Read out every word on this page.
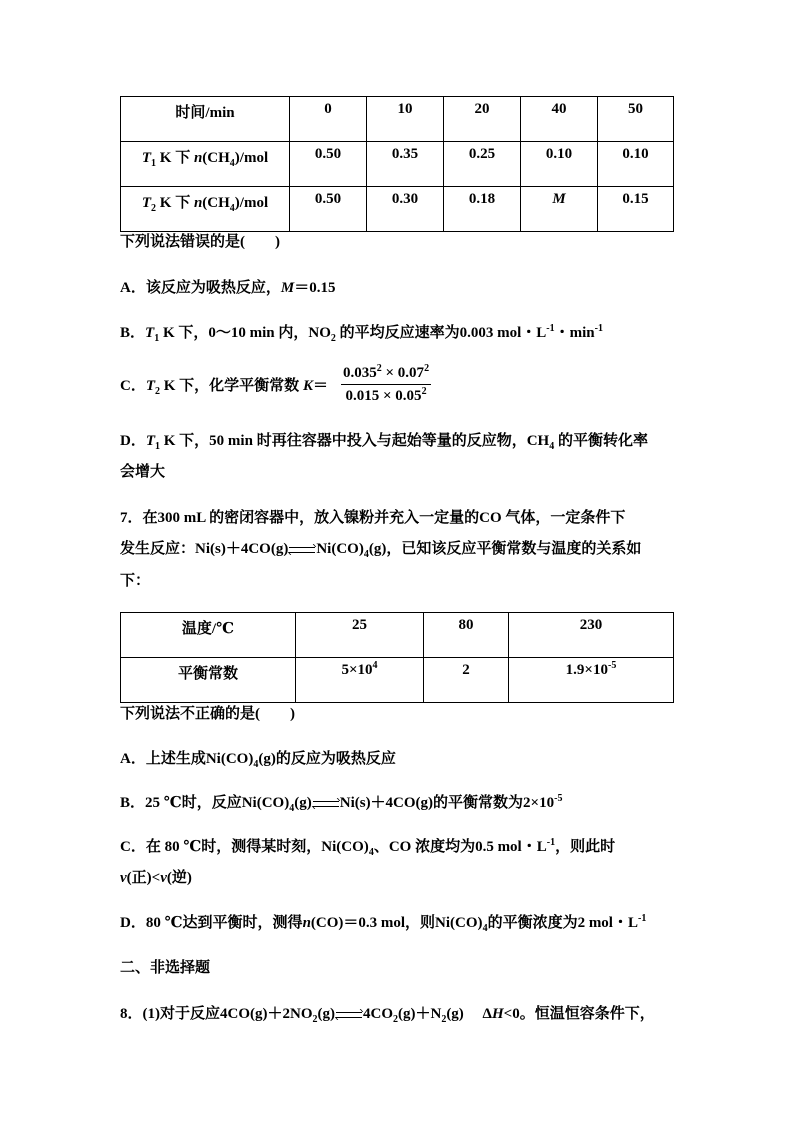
时间/min	0	10	20	40	50
$T_1$ K 下 $n(CH_4)$/mol	0.50	0.35	0.25	0.10	0.10
$T_2$ K 下 $n(CH_4)$/mol	0.50	0.30	0.18	M	0.15
下列说法错误的是(　　)
A．该反应为吸热反应，M＝0.15
B．$T_1$ K 下，0～10 min 内，$NO_2$ 的平均反应速率为0.003 mol・$L^{-1}$・$\min^{-1}$
C．$T_2$ K 下，化学平衡常数 $K= \frac{0.035^2 \times 0.07^2}{0.015 \times 0.05^2}$
D．$T_1$ K 下，50 min 时再往容器中投入与起始等量的反应物，$CH_4$ 的平衡转化率
会增大
7．在300 mL 的密闭容器中，放入镍粉并充入一定量的CO 气体，一定条件下
发生反应：Ni(s)＋4CO(g) $Ni(CO)_4(g)$，已知该反应平衡常数与温度的关系如
下：
温度/℃	25	80	230
平衡常数	$5\times 10^4$	2	$1.9\times 10^{-5}$
下列说法不正确的是(　　)
A．上述生成$Ni(CO)_4(g)$的反应为吸热反应
B．25 ℃时，反应$Ni(CO)_4(g)$ Ni(s)＋4CO(g)的平衡常数为$2\times 10^{-5}$
C．在 80 ℃时，测得某时刻，$Ni(CO)_4$、CO 浓度均为0.5 mol・$L^{-1}$，则此时
v(正)<v(逆)
D．80 ℃达到平衡时，测得n(CO)＝0.3 mol，则$Ni(CO)_4$的平衡浓度为2 mol・$L^{-1}$
二、非选择题
8．(1)对于反应$4CO(g)+2NO_2(g)$ $4CO_2(g)+N_2(g)$　 ΔH<0。恒温恒容条件下，
